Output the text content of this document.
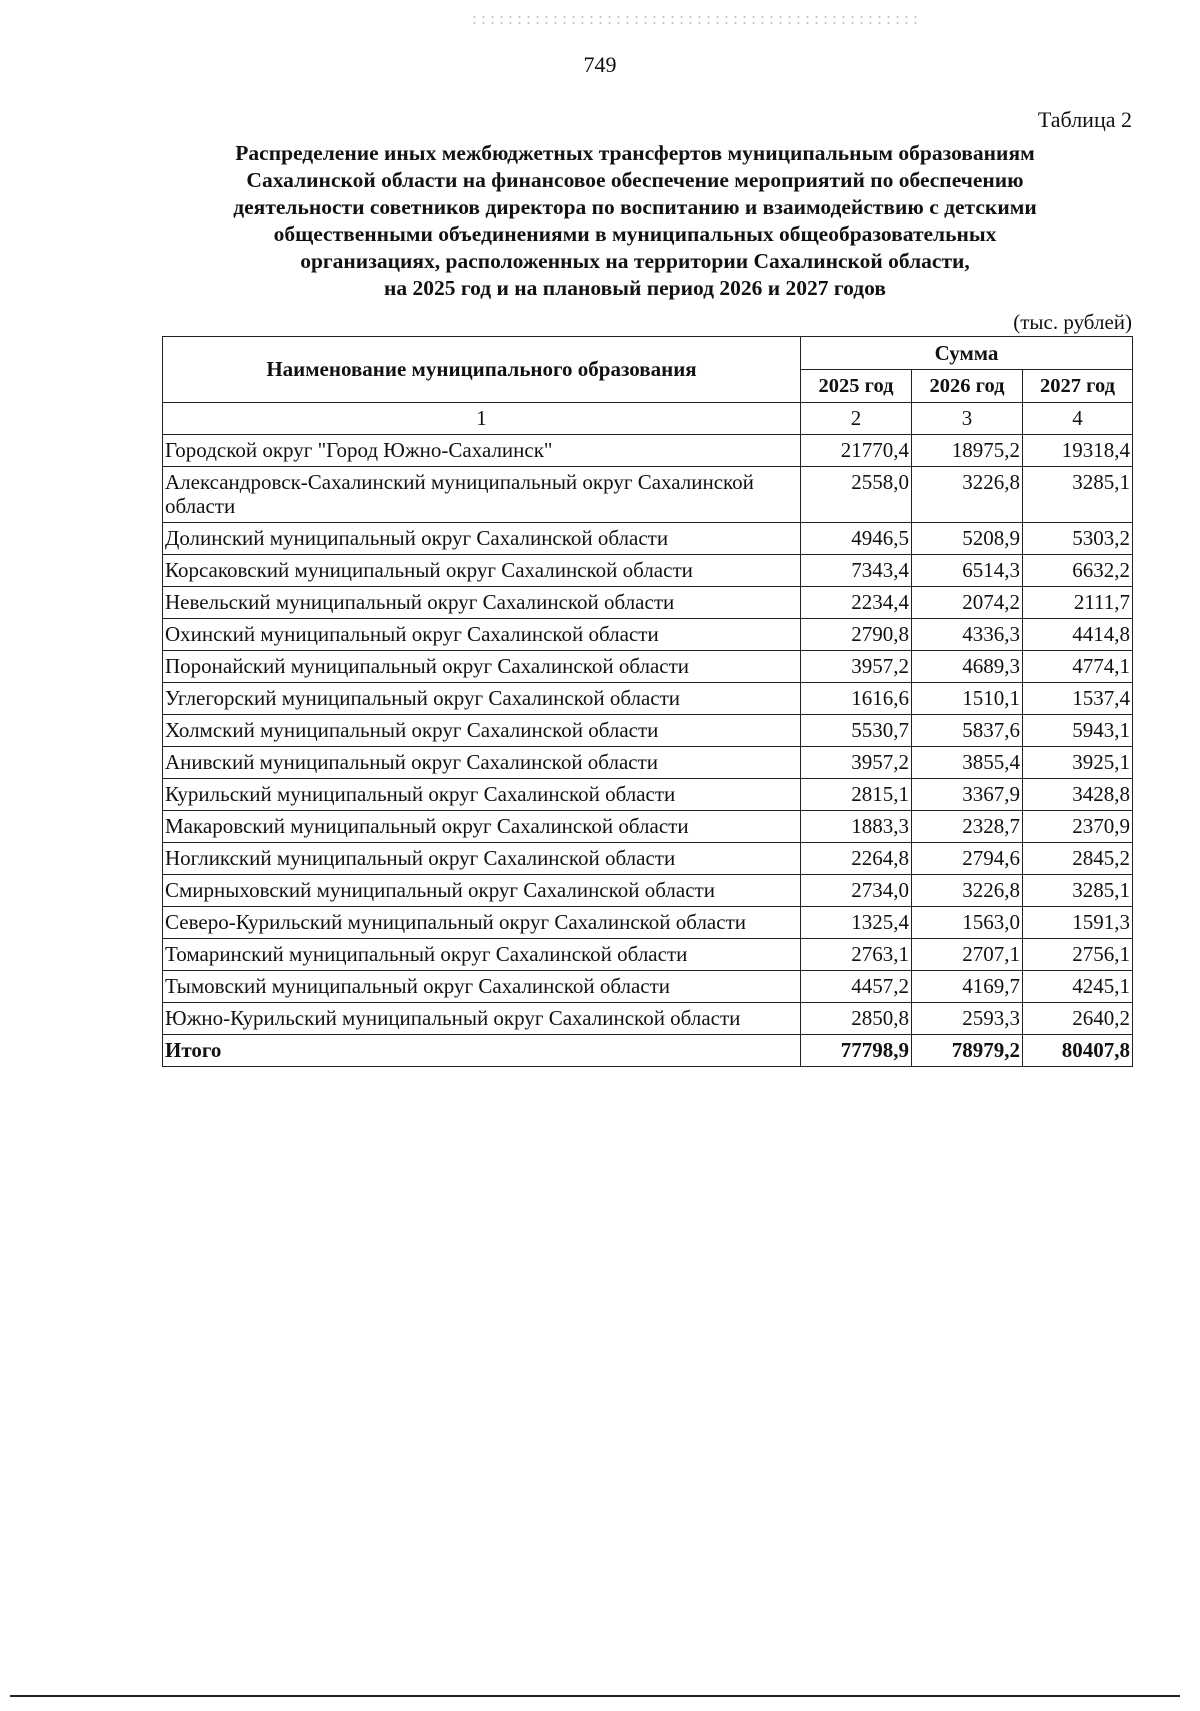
749
Таблица 2
Распределение иных межбюджетных трансфертов муниципальным образованиям
Сахалинской области на финансовое обеспечение мероприятий по обеспечению
деятельности советников директора по воспитанию и взаимодействию с детскими
общественными объединениями в муниципальных общеобразовательных
организациях, расположенных на территории Сахалинской области,
на 2025 год и на плановый период 2026 и 2027 годов
(тыс. рублей)
Наименование муниципального образования	Сумма		
	2025 год	2026 год	2027 год
1	2	3	4
Городской округ "Город Южно-Сахалинск"	21770,4	18975,2	19318,4
Александровск-Сахалинский муниципальный округ Сахалинской области	2558,0	3226,8	3285,1
Долинский муниципальный округ Сахалинской области	4946,5	5208,9	5303,2
Корсаковский муниципальный округ Сахалинской области	7343,4	6514,3	6632,2
Невельский муниципальный округ Сахалинской области	2234,4	2074,2	2111,7
Охинский муниципальный округ Сахалинской области	2790,8	4336,3	4414,8
Поронайский муниципальный округ Сахалинской области	3957,2	4689,3	4774,1
Углегорский муниципальный округ Сахалинской области	1616,6	1510,1	1537,4
Холмский муниципальный округ Сахалинской области	5530,7	5837,6	5943,1
Анивский муниципальный округ Сахалинской области	3957,2	3855,4	3925,1
Курильский муниципальный округ Сахалинской области	2815,1	3367,9	3428,8
Макаровский муниципальный округ Сахалинской области	1883,3	2328,7	2370,9
Ногликский муниципальный округ Сахалинской области	2264,8	2794,6	2845,2
Смирныховский муниципальный округ Сахалинской области	2734,0	3226,8	3285,1
Северо-Курильский муниципальный округ Сахалинской области	1325,4	1563,0	1591,3
Томаринский муниципальный округ Сахалинской области	2763,1	2707,1	2756,1
Тымовский муниципальный округ Сахалинской области	4457,2	4169,7	4245,1
Южно-Курильский муниципальный округ Сахалинской области	2850,8	2593,3	2640,2
Итого	77798,9	78979,2	80407,8
